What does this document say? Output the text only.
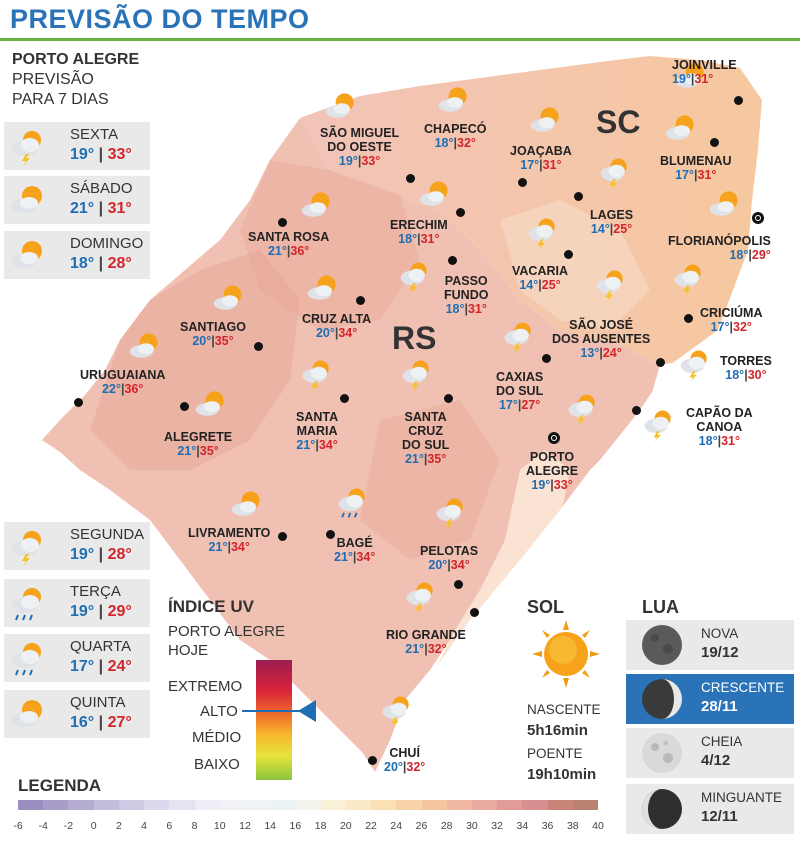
PREVISÃO DO TEMPO
PORTO ALEGRE
PREVISÃO
PARA 7 DIAS
SEXTA
19° | 33°
SÁBADO
21° | 31°
DOMINGO
18° | 28°
SEGUNDA
19° | 28°
TERÇA
19° | 29°
QUARTA
17° | 24°
QUINTA
16° | 27°
SC
RS
JOINVILLE
19°|31°
SÃO MIGUEL
DO OESTE
19°|33°
CHAPECÓ
18°|32°
JOAÇABA
17°|31°	BLUMENAU
17°|31°
LAGES
14°|25°
FLORIANÓPOLIS
18°|29°
SANTA ROSA
21°|36°
ERECHIM
18°|31°
PASSO
FUNDO
18°|31°
VACARIA
14°|25°
CRICIÚMA
17°|32°
SANTIAGO
20°|35°
CRUZ ALTA
20°|34°
SÃO JOSÉ
DOS AUSENTES
13°|24°
TORRES
18°|30°
URUGUAIANA
22°|36°
CAXIAS
DO SUL
17°|27°
ALEGRETE
21°|35°
SANTA
MARIA
21°|34°
SANTA
CRUZ
DO SUL
21°|35°
CAPÃO DA
CANOA
18°|31°
PORTO
ALEGRE
19°|33°
LIVRAMENTO
21°|34°	BAGÉ
21°|34°	PELOTAS
20°|34°
RIO GRANDE
21°|32°
CHUÍ
20°|32°
ÍNDICE UV
PORTO ALEGRE
HOJE
EXTREMO
ALTO
MÉDIO
BAIXO
SOL
NASCENTE
5h16min
POENTE
19h10min
LUA
NOVA
19/12
CRESCENTE
28/11
CHEIA
4/12
MINGUANTE
12/11
LEGENDA
-6 -4 -2 0 2 4 6 8 10 12 14 16 18 20 22 24 26 28 30 32 34 36 38 40
